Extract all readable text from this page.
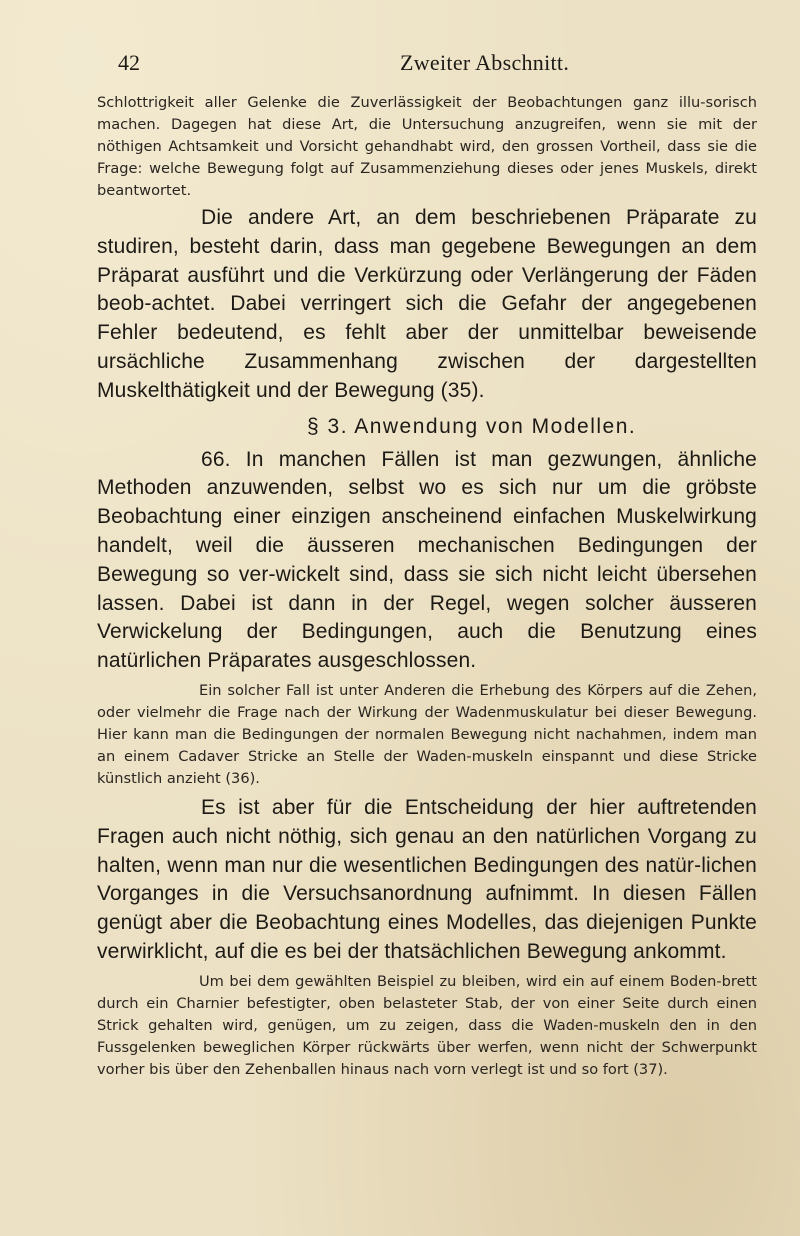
42	Zweiter Abschnitt.

Schlottrigkeit aller Gelenke die Zuverlässigkeit der Beobachtungen ganz illu-sorisch machen. Dagegen hat diese Art, die Untersuchung anzugreifen, wenn sie mit der nöthigen Achtsamkeit und Vorsicht gehandhabt wird, den grossen Vortheil, dass sie die Frage: welche Bewegung folgt auf Zusammenziehung dieses oder jenes Muskels, direkt beantwortet.

Die andere Art, an dem beschriebenen Präparate zu studiren, besteht darin, dass man gegebene Bewegungen an dem Präparat ausführt und die Verkürzung oder Verlängerung der Fäden beob-achtet. Dabei verringert sich die Gefahr der angegebenen Fehler bedeutend, es fehlt aber der unmittelbar beweisende ursächliche Zusammenhang zwischen der dargestellten Muskelthätigkeit und der Bewegung (35).

§ 3. Anwendung von Modellen.

66. In manchen Fällen ist man gezwungen, ähnliche Methoden anzuwenden, selbst wo es sich nur um die gröbste Beobachtung einer einzigen anscheinend einfachen Muskelwirkung handelt, weil die äusseren mechanischen Bedingungen der Bewegung so ver-wickelt sind, dass sie sich nicht leicht übersehen lassen. Dabei ist dann in der Regel, wegen solcher äusseren Verwickelung der Bedingungen, auch die Benutzung eines natürlichen Präparates ausgeschlossen.

Ein solcher Fall ist unter Anderen die Erhebung des Körpers auf die Zehen, oder vielmehr die Frage nach der Wirkung der Wadenmuskulatur bei dieser Bewegung. Hier kann man die Bedingungen der normalen Bewegung nicht nachahmen, indem man an einem Cadaver Stricke an Stelle der Waden-muskeln einspannt und diese Stricke künstlich anzieht (36).

Es ist aber für die Entscheidung der hier auftretenden Fragen auch nicht nöthig, sich genau an den natürlichen Vorgang zu halten, wenn man nur die wesentlichen Bedingungen des natür-lichen Vorganges in die Versuchsanordnung aufnimmt. In diesen Fällen genügt aber die Beobachtung eines Modelles, das diejenigen Punkte verwirklicht, auf die es bei der thatsächlichen Bewegung ankommt.

Um bei dem gewählten Beispiel zu bleiben, wird ein auf einem Boden-brett durch ein Charnier befestigter, oben belasteter Stab, der von einer Seite durch einen Strick gehalten wird, genügen, um zu zeigen, dass die Waden-muskeln den in den Fussgelenken beweglichen Körper rückwärts über werfen, wenn nicht der Schwerpunkt vorher bis über den Zehenballen hinaus nach vorn verlegt ist und so fort (37).
